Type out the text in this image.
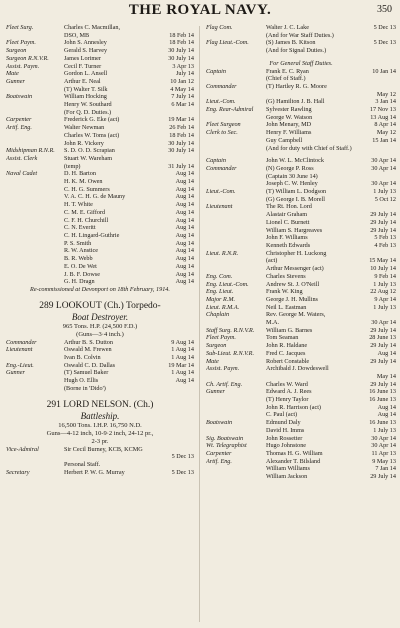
THE ROYAL NAVY.	350
Fleet Surg.	Charles C. Macmillan,
DSO, MB	18 Feb 14
Fleet Paym.	John S. Annesley	18 Feb 14
Surgeon	Gerald S. Harvey	30 July 14
Surgeon R.N.V.R.	James Lorimer	30 July 14
Assist. Paym.	Cecil F. Turner	3 Apr 13
Mate	Gordon L. Ansell	July 14
Gunner	Arthur E. Neal	10 Jan 12
(T) Walter T. Silk	4 May 14
Boatswain	William Hocking	7 July 14
Henry W. Southard	6 Mar 14
(For Q. D. Duties.)
Carpenter	Frederick G. Eke (act)	19 Mar 14
Artif. Eng.	Walter Newman	26 Feb 14
Charles W. Toms (act)	18 Feb 14
John R. Vickery	30 July 14
Midshipman R.N.R.	S. D. O. D. Scrapian	30 July 14
Assist. Clerk	Stuart W. Wareham
(temp)	31 July 14
Naval Cadet	D. H. Barton	Aug 14
H. K. M. Owen	Aug 14
C. H. G. Summers	Aug 14
V. A. C. H. G. de Mauny	Aug 14
H. T. White	Aug 14
C. M. E. Gifford	Aug 14
C. F. H. Churchill	Aug 14
C. N. Everitt	Aug 14
C. H. Lingard-Guthrie	Aug 14
P. S. Smith	Aug 14
R. W. Anstice	Aug 14
B. R. Webb	Aug 14
E. O. De Wet	Aug 14
J. B. F. Dowse	Aug 14
G. H. Dragn	Aug 14
Re-commissioned at Devonport on 18th February, 1914.
289 LOOKOUT (Ch.) Torpedo-
Boat Destroyer.
965 Tons. H.P. (24,500 F.D.)
(Guns—3·4 inch.)
Commander	Arthur B. S. Dutton	9 Aug 14
Lieutenant	Oswald M. Frewen	1 Aug 14
Ivan B. Colvin	1 Aug 14
Eng.-Lieut.	Oswald C. D. Dallas	19 Mar 14
Gunner	(T) Samuel Baker	1 Aug 14
Hugh O. Ellis	Aug 14
(Borne in 'Dido')
291 LORD NELSON. (Ch.)
Battleship.
16,500 Tons. I.H.P. 16,750 N.D.
Guns—4-12 inch, 10-9·2 inch, 24-12 pr.,
2-3 pr.
Vice-Admiral	Sir Cecil Burney, KCB, KCMG
5 Dec 13
Personal Staff.
Secretary	Herbert P. W. G. Murray	5 Dec 13
Flag Com.	Walter J. C. Lake	5 Dec 13
(And for War Staff Duties.)
Flag Lieut.-Com.	(S) James B. Kitson	5 Dec 13
(And for Signal Duties.)
For General Staff Duties.
Captain	Frank E. C. Ryan	10 Jan 14
(Chief of Staff.)
Commander	(T) Hartley R. G. Moore
May 12
Lieut.-Com.	(G) Hamilton J. B. Hall	3 Jan 14
Eng. Rear-Admiral	Sylvester Rawling	17 Nov 13
George W. Watson	13 Aug 14
Fleet Surgeon	John Menary, MD	8 Apr 14
Clerk to Sec.	Henry F. Williams	May 12
Guy Campbell	15 Jan 14
(And for duty with Chief of Staff.)
Captain	John W. L. McClintock	30 Apr 14
Commander	(N) George P. Ross	30 Apr 14
(Captain 30 June 14)
Joseph C. W. Henley	30 Apr 14
Lieut.-Com.	(T) William L. Dodgson	1 July 13
(G) George I. B. Morell	5 Oct 12
Lieutenant	The Rt. Hon. Lord
Alastair Graham	29 July 14
Lionel C. Burnett	29 July 14
William S. Hargreaves	29 July 14
John F. Williams	5 Feb 13
Kenneth Edwards	4 Feb 13
Lieut. R.N.R.	Christopher H. Luckong
(act)	15 May 14
Arthur Messenger (act)	10 July 14
Eng. Com.	Charles Stevens	9 Feb 14
Eng. Lieut.-Com.	Andrew St. J. O'Neill	1 July 13
Eng. Lieut.	Frank W. King	22 Aug 12
Major R.M.	George J. H. Mullins	9 Apr 14
Lieut. R.M.A.	Neil L. Eastman	1 July 13
Chaplain	Rev. George M. Waters,
M.A.	30 Apr 14
Staff Surg. R.N.V.R.	William G. Barnes	29 July 14
Fleet Paym.	Tom Seaman	28 June 13
Surgeon	John R. Haldane	29 July 14
Sub-Lieut. R.N.V.R.	Fred C. Jacques	Aug 14
Mate	Robert Constable	29 July 14
Assist. Paym.	Archibald J. Dowdeswell
May 14
Ch. Artif. Eng.	Charles W. Ward	29 July 14
Gunner	Edward A. J. Rees	16 June 13
(T) Henry Taylor	16 June 13
John R. Harrison (act)	Aug 14
C. Paul (act)	Aug 14
Boatswain	Edmund Daly	16 June 13
David H. Imms	1 July 13
Sig. Boatswain	John Rossetter	30 Apr 14
Wt. Telegraphist	Hugo Johnstone	30 Apr 14
Carpenter	Thomas H. G. William	11 Apr 13
Artif. Eng.	Alexander T. Bilsland	9 May 13
William Williams	7 Jan 14
William Jackson	29 July 14
